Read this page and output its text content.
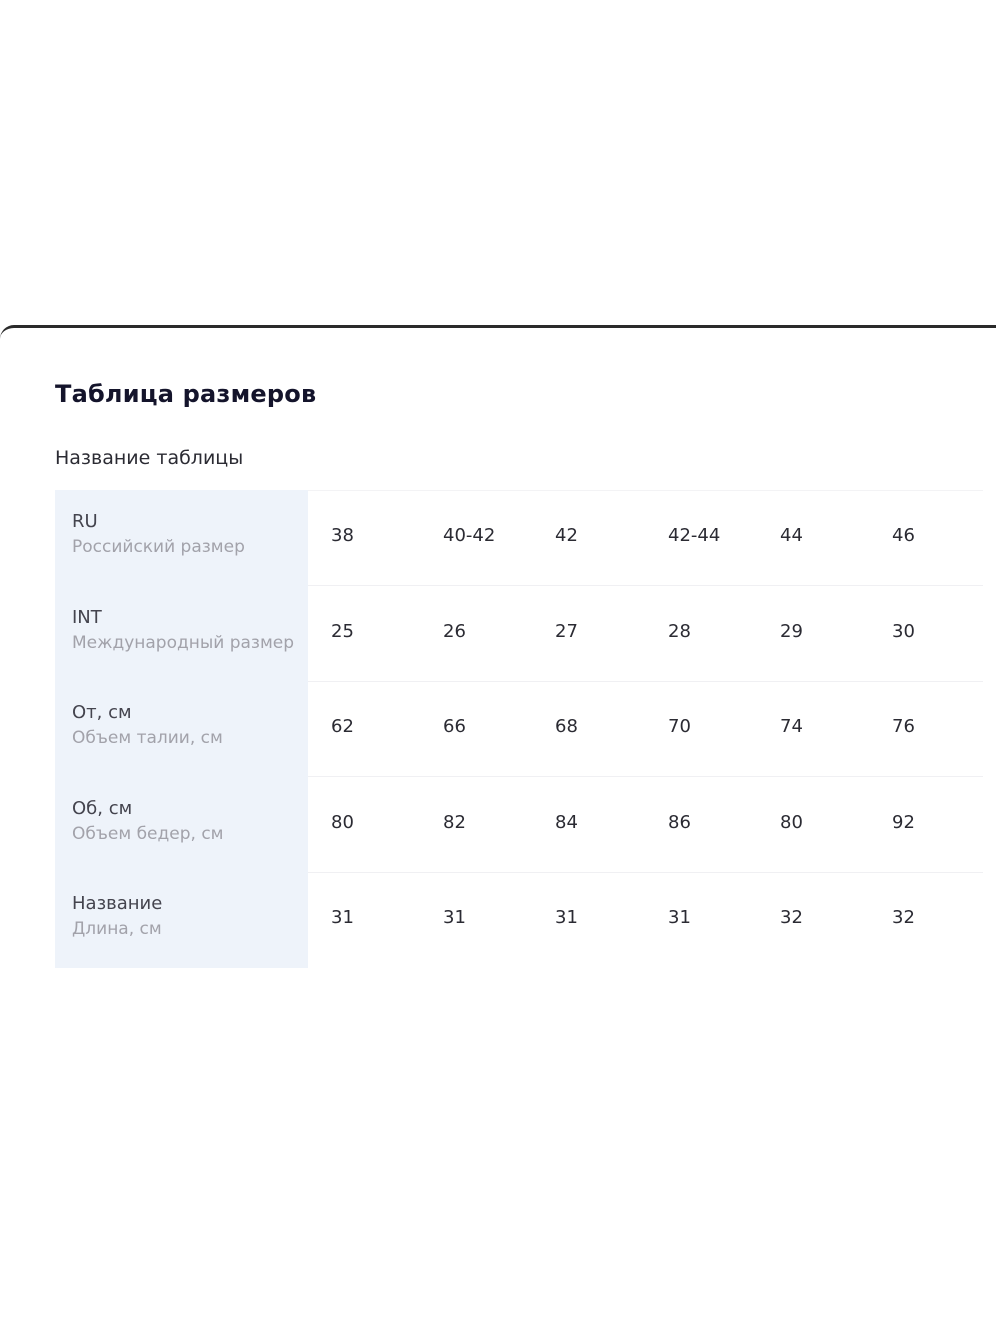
Таблица размеров
Название таблицы
RU
Российский размер
38	40-42	42	42-44	44	46
INT
Международный размер
25	26	27	28	29	30
От, см
Объем талии, см
62	66	68	70	74	76
Об, см
Объем бедер, см
80	82	84	86	80	92
Название
Длина, см
31	31	31	31	32	32
